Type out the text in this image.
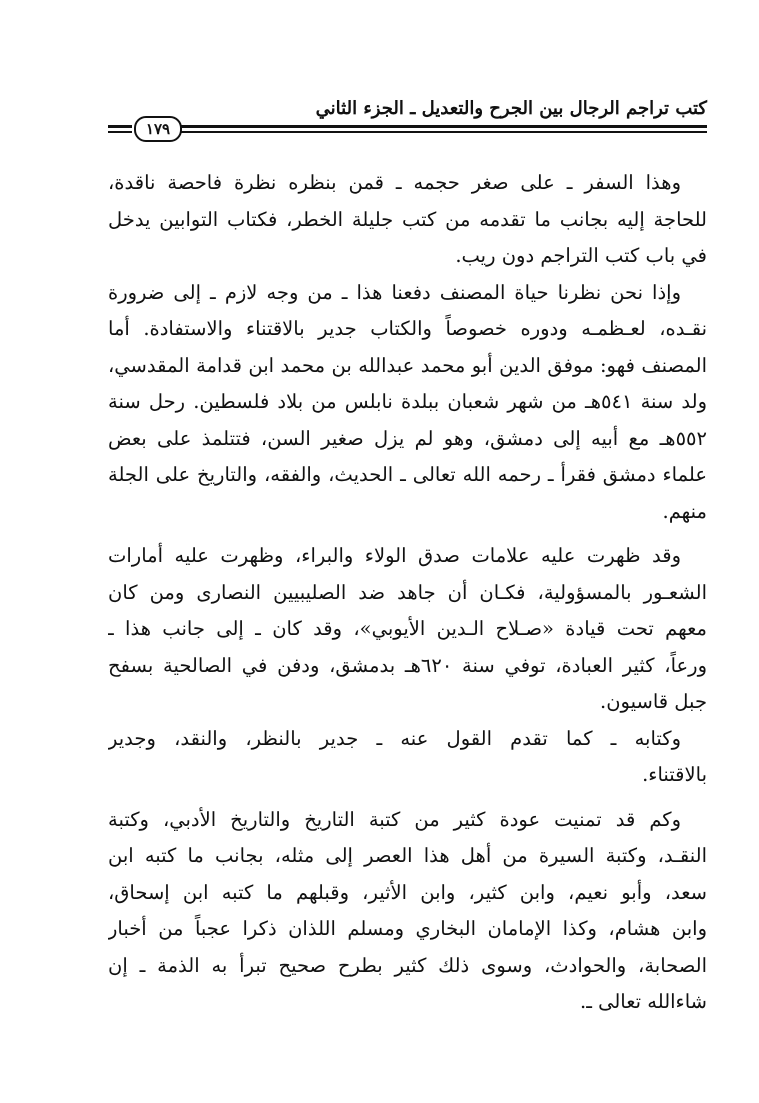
كتب تراجم الرجال بين الجرح والتعديل ـ الجزء الثاني
١٧٩
وهذا السفر ـ على صغر حجمه ـ قمن بنظره نظرة فاحصة ناقدة،
للحاجة إليه بجانب ما تقدمه من كتب جليلة الخطر، فكتاب التوابين يدخل
في باب كتب التراجم دون ريب.
وإذا نحن نظرنا حياة المصنف دفعنا هذا ـ من وجه لازم ـ إلى ضرورة
نقـده، لعـظمـه ودوره خصوصاً والكتاب جدير بالاقتناء والاستفادة. أما
المصنف فهو: موفق الدين أبو محمد عبدالله بن محمد ابن قدامة المقدسي،
ولد سنة ٥٤١هـ من شهر شعبان ببلدة نابلس من بلاد فلسطين. رحل سنة
٥٥٢هـ مع أبيه إلى دمشق، وهو لم يزل صغير السن، فتتلمذ على بعض
علماء دمشق فقرأ ـ رحمه الله تعالى ـ الحديث، والفقه، والتاريخ على الجلة
منهم.
وقد ظهرت عليه علامات صدق الولاء والبراء، وظهرت عليه أمارات
الشعـور بالمسؤولية، فكـان أن جاهد ضد الصليبيين النصارى ومن كان
معهم تحت قيادة «صـلاح الـدين الأيوبي»، وقد كان ـ إلى جانب هذا ـ
ورعاً، كثير العبادة، توفي سنة ٦٢٠هـ بدمشق، ودفن في الصالحية بسفح
جبل قاسيون.
وكتابه ـ كما تقدم القول عنه ـ جدير بالنظر، والنقد، وجدير
بالاقتناء.
وكم قد تمنيت عودة كثير من كتبة التاريخ والتاريخ الأدبي، وكتبة
النقـد، وكتبة السيرة من أهل هذا العصر إلى مثله، بجانب ما كتبه ابن
سعد، وأبو نعيم، وابن كثير، وابن الأثير، وقبلهم ما كتبه ابن إسحاق،
وابن هشام، وكذا الإمامان البخاري ومسلم اللذان ذكرا عجباً من أخبار
الصحابة، والحوادث، وسوى ذلك كثير بطرح صحيح تبرأ به الذمة ـ إن
شاءالله تعالى ـ.
